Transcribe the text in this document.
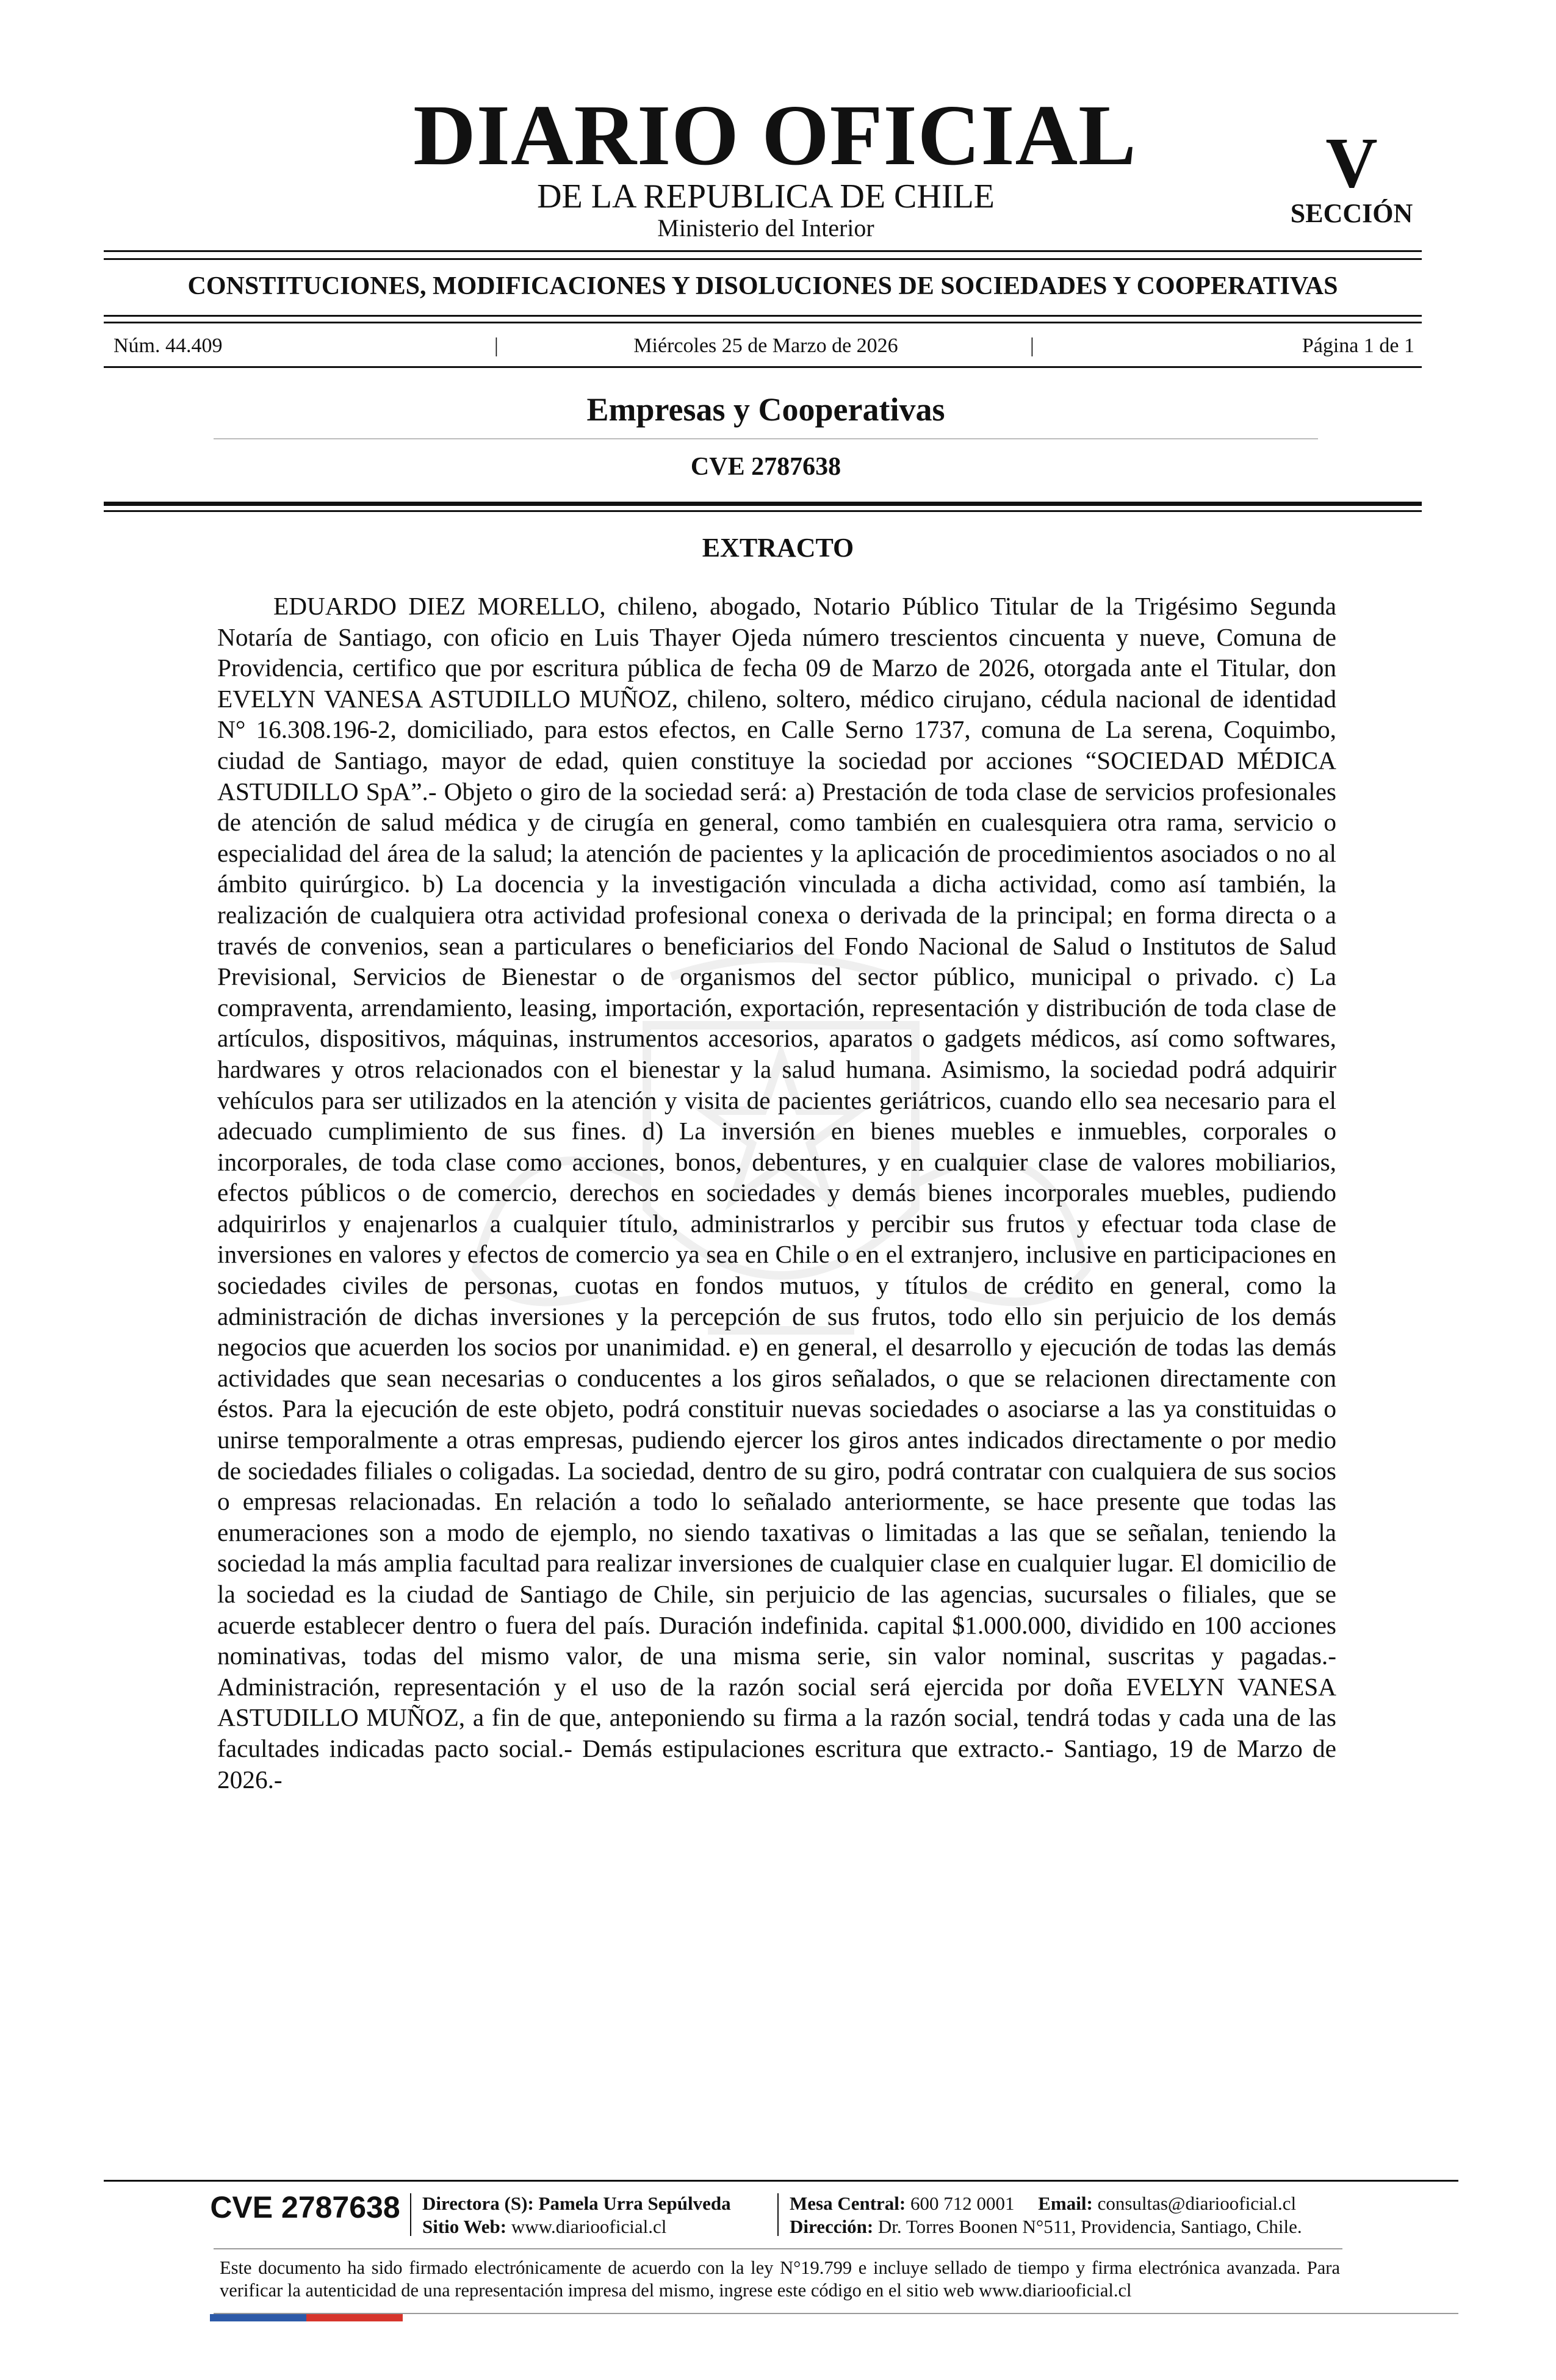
DIARIO OFICIAL
DE LA REPUBLICA DE CHILE
Ministerio del Interior
V
SECCIÓN
CONSTITUCIONES, MODIFICACIONES Y DISOLUCIONES DE SOCIEDADES Y COOPERATIVAS
Núm. 44.409	|	Miércoles 25 de Marzo de 2026	|	Página 1 de 1
Empresas y Cooperativas
CVE 2787638
EXTRACTO
EDUARDO DIEZ MORELLO, chileno, abogado, Notario Público Titular de la Trigésimo Segunda Notaría de Santiago, con oficio en Luis Thayer Ojeda número trescientos cincuenta y nueve, Comuna de Providencia, certifico que por escritura pública de fecha 09 de Marzo de 2026, otorgada ante el Titular, don EVELYN VANESA ASTUDILLO MUÑOZ, chileno, soltero, médico cirujano, cédula nacional de identidad N° 16.308.196-2, domiciliado, para estos efectos, en Calle Serno 1737, comuna de La serena, Coquimbo, ciudad de Santiago, mayor de edad, quien constituye la sociedad por acciones “SOCIEDAD MÉDICA ASTUDILLO SpA”.- Objeto o giro de la sociedad será: a) Prestación de toda clase de servicios profesionales de atención de salud médica y de cirugía en general, como también en cualesquiera otra rama, servicio o especialidad del área de la salud; la atención de pacientes y la aplicación de procedimientos asociados o no al ámbito quirúrgico. b) La docencia y la investigación vinculada a dicha actividad, como así también, la realización de cualquiera otra actividad profesional conexa o derivada de la principal; en forma directa o a través de convenios, sean a particulares o beneficiarios del Fondo Nacional de Salud o Institutos de Salud Previsional, Servicios de Bienestar o de organismos del sector público, municipal o privado. c) La compraventa, arrendamiento, leasing, importación, exportación, representación y distribución de toda clase de artículos, dispositivos, máquinas, instrumentos accesorios, aparatos o gadgets médicos, así como softwares, hardwares y otros relacionados con el bienestar y la salud humana. Asimismo, la sociedad podrá adquirir vehículos para ser utilizados en la atención y visita de pacientes geriátricos, cuando ello sea necesario para el adecuado cumplimiento de sus fines. d) La inversión en bienes muebles e inmuebles, corporales o incorporales, de toda clase como acciones, bonos, debentures, y en cualquier clase de valores mobiliarios, efectos públicos o de comercio, derechos en sociedades y demás bienes incorporales muebles, pudiendo adquirirlos y enajenarlos a cualquier título, administrarlos y percibir sus frutos y efectuar toda clase de inversiones en valores y efectos de comercio ya sea en Chile o en el extranjero, inclusive en participaciones en sociedades civiles de personas, cuotas en fondos mutuos, y títulos de crédito en general, como la administración de dichas inversiones y la percepción de sus frutos, todo ello sin perjuicio de los demás negocios que acuerden los socios por unanimidad. e) en general, el desarrollo y ejecución de todas las demás actividades que sean necesarias o conducentes a los giros señalados, o que se relacionen directamente con éstos. Para la ejecución de este objeto, podrá constituir nuevas sociedades o asociarse a las ya constituidas o unirse temporalmente a otras empresas, pudiendo ejercer los giros antes indicados directamente o por medio de sociedades filiales o coligadas. La sociedad, dentro de su giro, podrá contratar con cualquiera de sus socios o empresas relacionadas. En relación a todo lo señalado anteriormente, se hace presente que todas las enumeraciones son a modo de ejemplo, no siendo taxativas o limitadas a las que se señalan, teniendo la sociedad la más amplia facultad para realizar inversiones de cualquier clase en cualquier lugar. El domicilio de la sociedad es la ciudad de Santiago de Chile, sin perjuicio de las agencias, sucursales o filiales, que se acuerde establecer dentro o fuera del país. Duración indefinida. capital $1.000.000, dividido en 100 acciones nominativas, todas del mismo valor, de una misma serie, sin valor nominal, suscritas y pagadas.- Administración, representación y el uso de la razón social será ejercida por doña EVELYN VANESA ASTUDILLO MUÑOZ, a fin de que, anteponiendo su firma a la razón social, tendrá todas y cada una de las facultades indicadas pacto social.- Demás estipulaciones escritura que extracto.- Santiago, 19 de Marzo de 2026.-
CVE 2787638 Directora (S): Pamela Urra Sepúlveda
Sitio Web: www.diariooficial.cl
Mesa Central: 600 712 0001 Email: consultas@diariooficial.cl
Dirección: Dr. Torres Boonen N°511, Providencia, Santiago, Chile.
Este documento ha sido firmado electrónicamente de acuerdo con la ley N°19.799 e incluye sellado de tiempo y firma electrónica avanzada. Para verificar la autenticidad de una representación impresa del mismo, ingrese este código en el sitio web www.diariooficial.cl
